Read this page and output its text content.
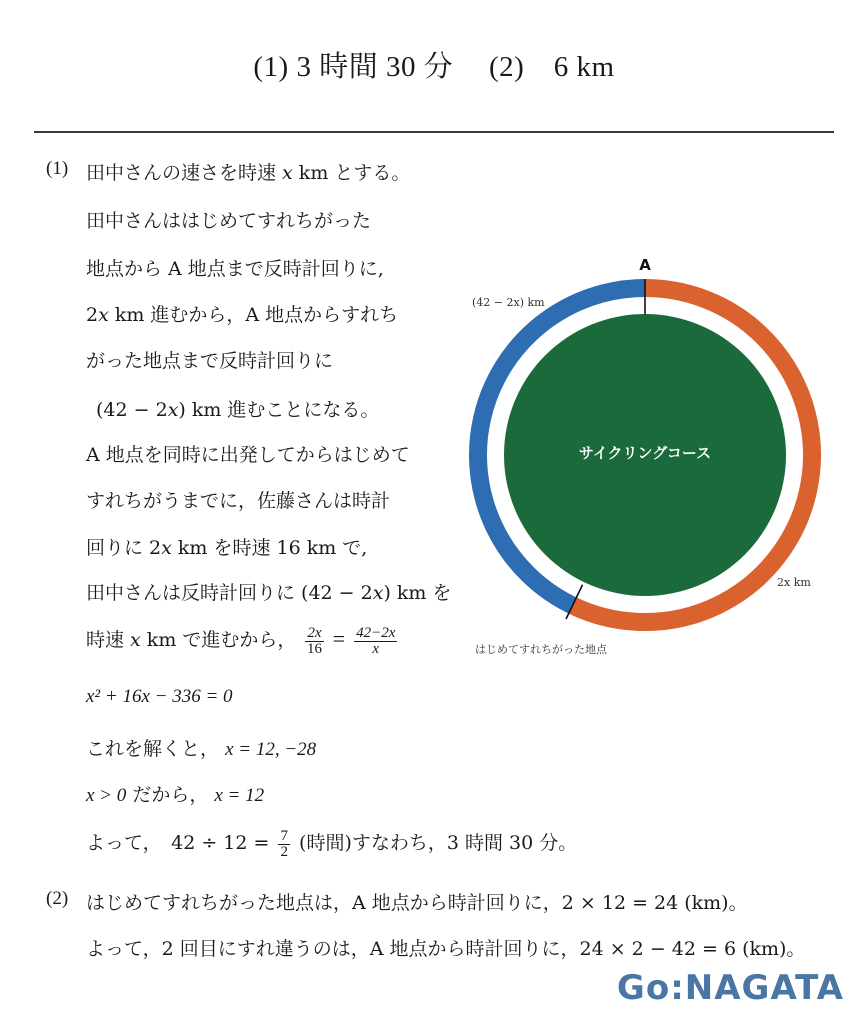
(1) 3 時間 30 分 (2)　6 km
(1) 田中さんの速さを時速 x km とする。
田中さんははじめてすれちがった
地点から A 地点まで反時計回りに,
2x km 進むから，A 地点からすれち
がった地点まで反時計回りに
(42 − 2x) km 進むことになる。
A 地点を同時に出発してからはじめて
すれちがうまでに，佐藤さんは時計
回りに 2x km を時速 16 km で,
田中さんは反時計回りに (42 − 2x) km を
時速 x km で進むから， $\frac{2x}{16} = \frac{42-2x}{x}$
x² + 16x − 336 = 0
これを解くと， x = 12, −28
x > 0 だから， x = 12
よって，　$42 \div 12 = \frac{7}{2}$ (時間)すなわち，3 時間 30 分。
(2) はじめてすれちがった地点は，A 地点から時計回りに，2 × 12 = 24 (km)。
よって，2 回目にすれ違うのは，A 地点から時計回りに，24 × 2 − 42 = 6 (km)。
サイクリングコース
A
(42 − 2x) km
2x km
はじめてすれちがった地点
Go:NAGATA
